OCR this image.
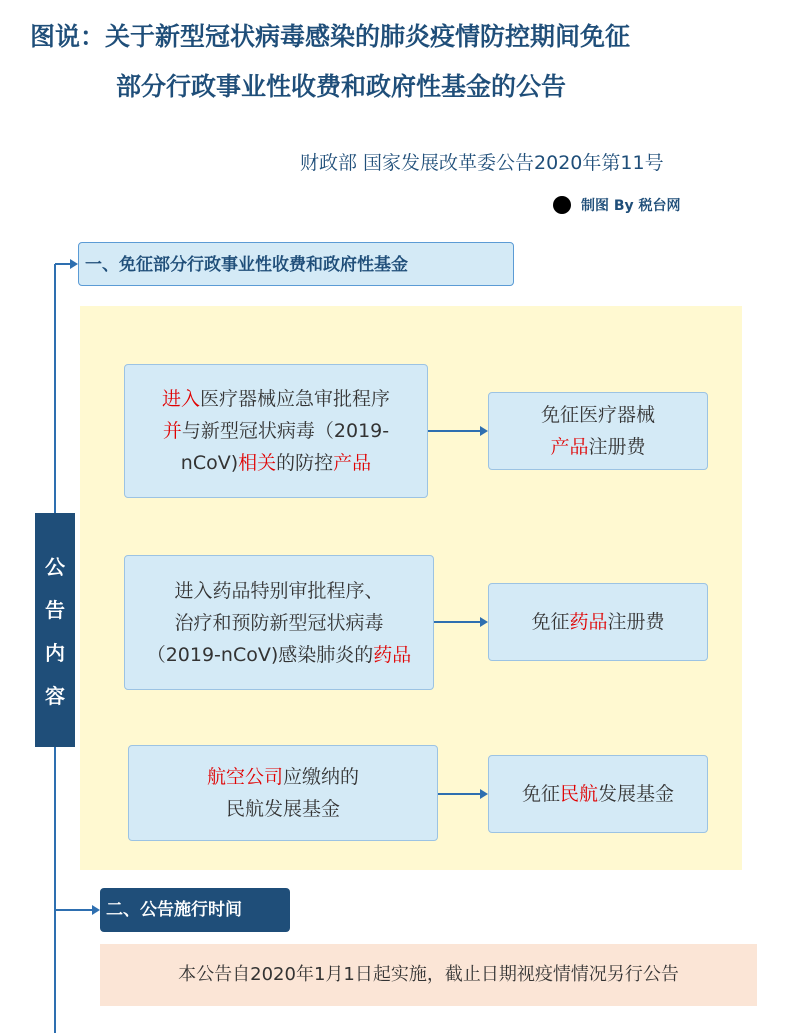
图说：关于新型冠状病毒感染的肺炎疫情防控期间免征
部分行政事业性收费和政府性基金的公告
财政部 国家发展改革委公告2020年第11号
制图 By 税台网
一、免征部分行政事业性收费和政府性基金
公
告
内
容
进入医疗器械应急审批程序
并与新型冠状病毒（2019-
nCoV)相关的防控产品
免征医疗器械
产品注册费
进入药品特别审批程序、
治疗和预防新型冠状病毒
（2019-nCoV)感染肺炎的药品
免征药品注册费
航空公司应缴纳的
民航发展基金
免征民航发展基金
二、公告施行时间
本公告自2020年1月1日起实施，截止日期视疫情情况另行公告
